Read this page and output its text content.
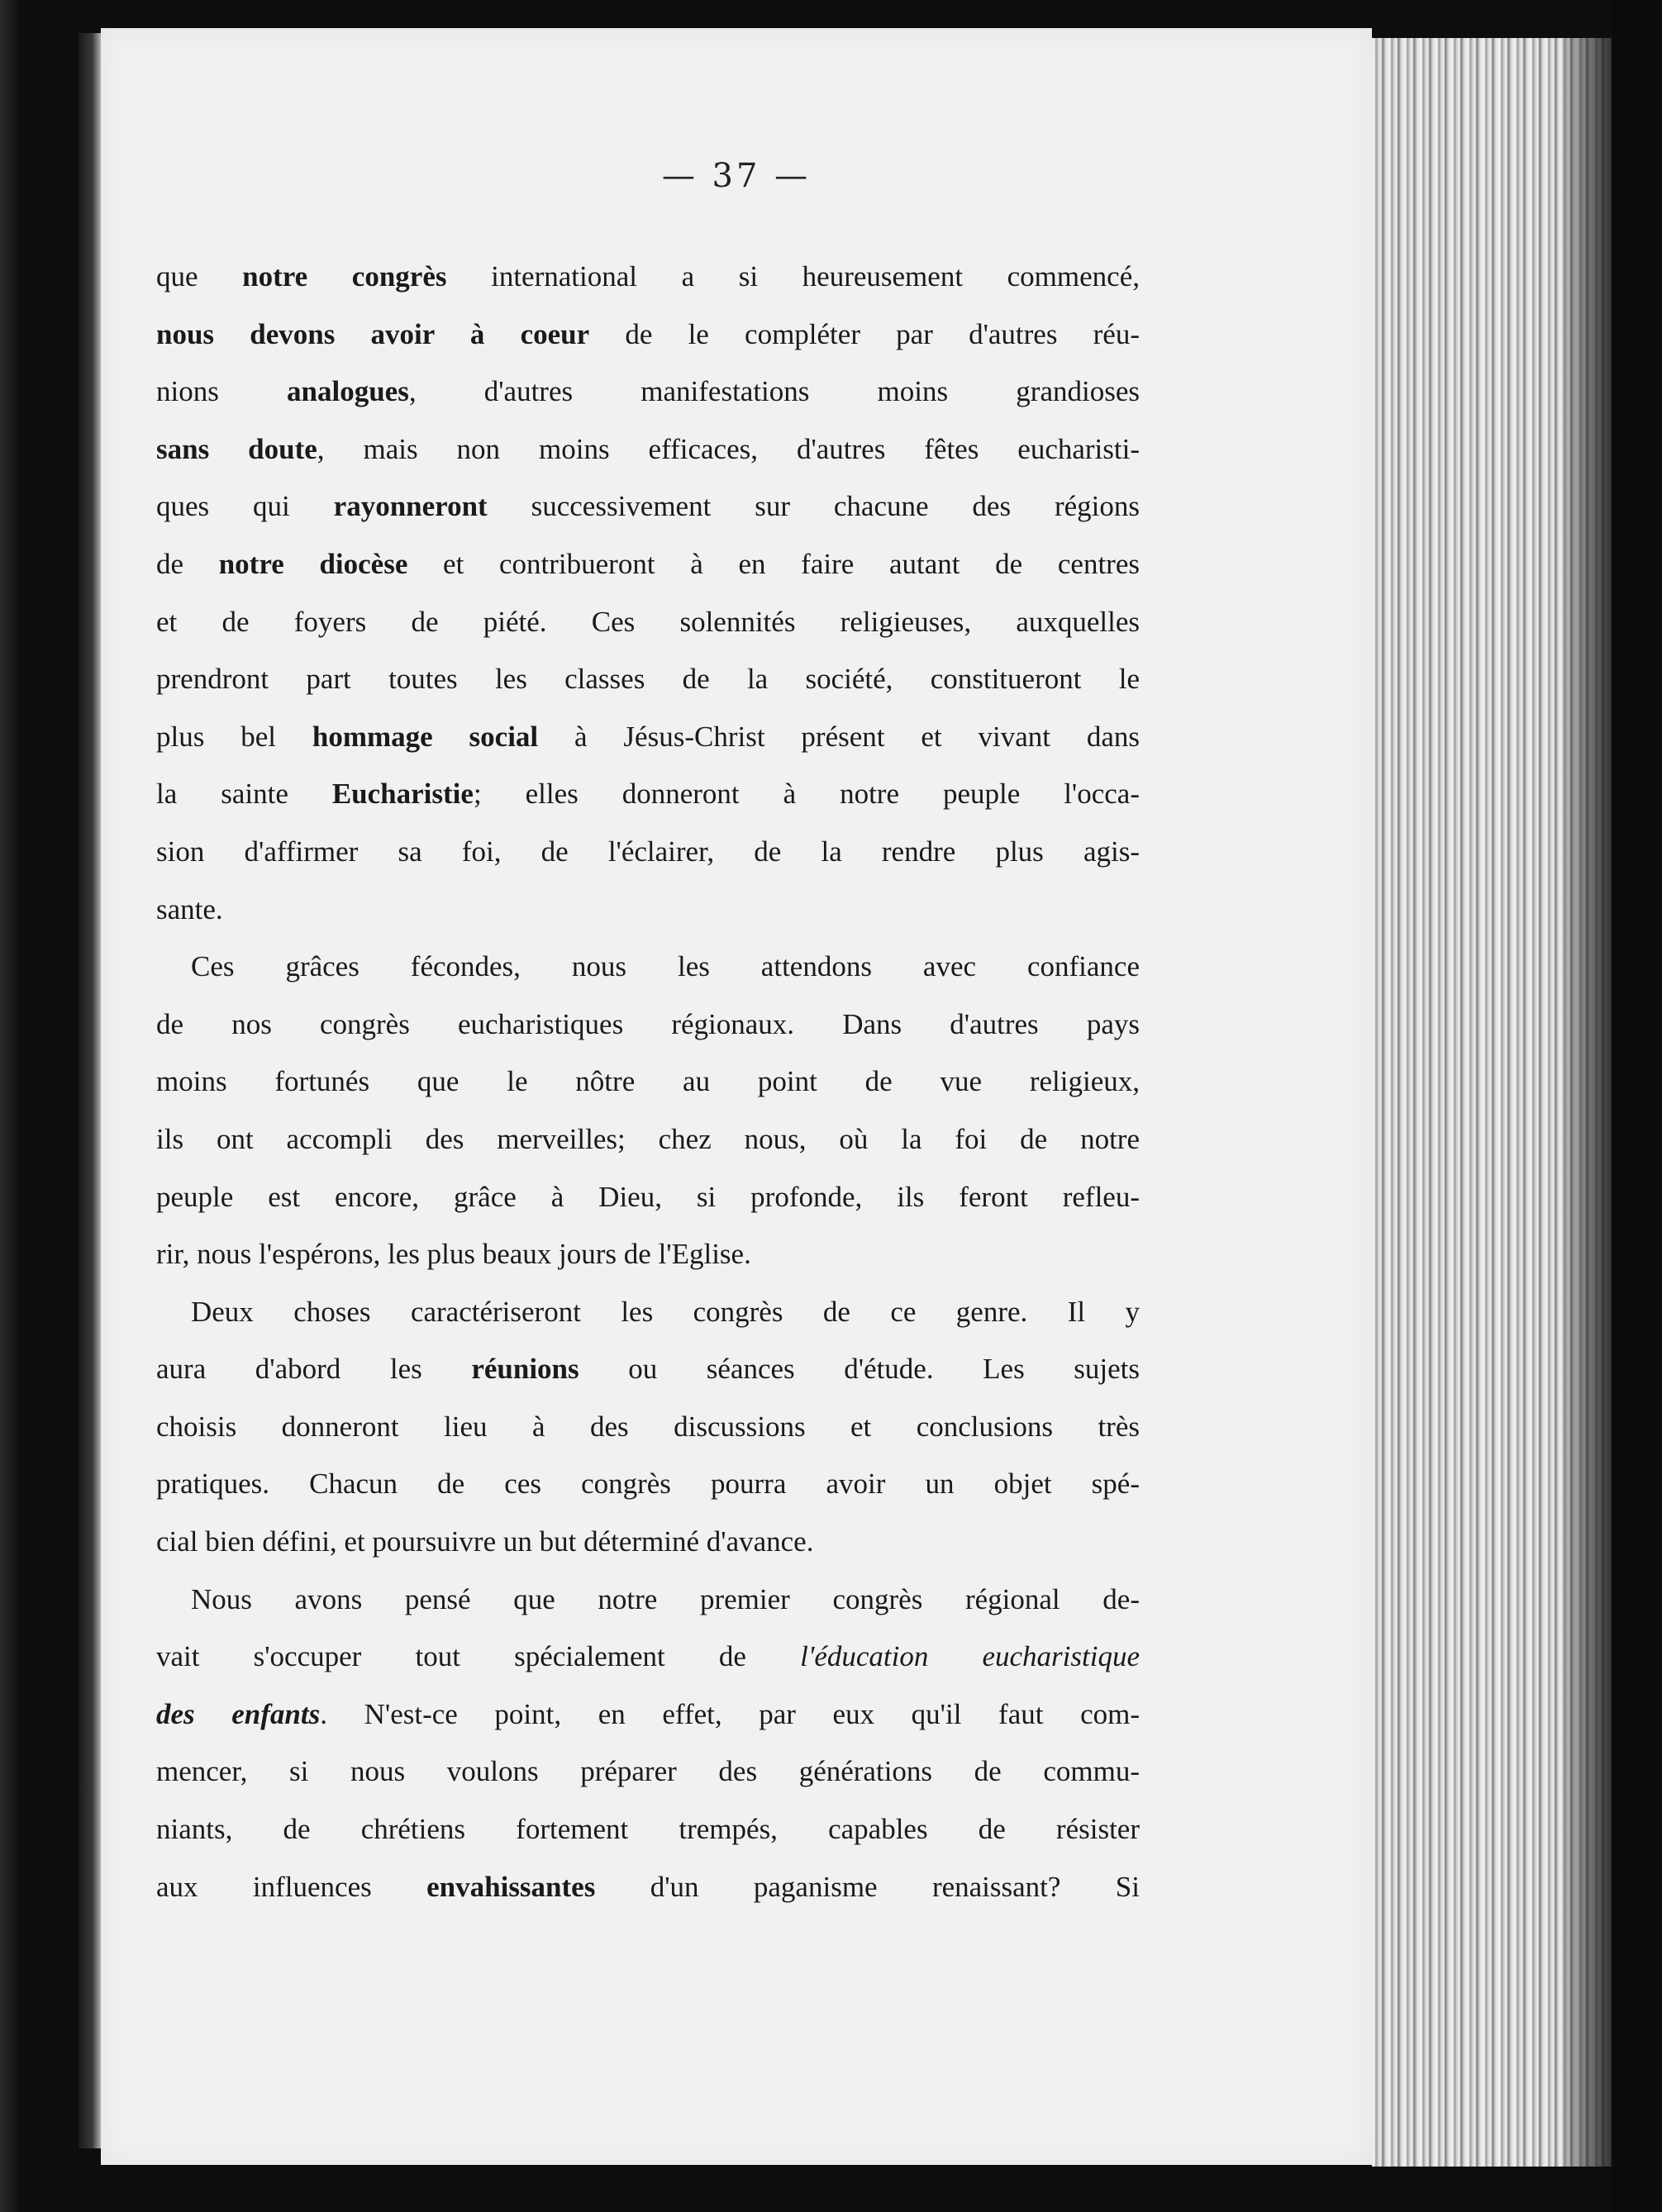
— 37 —
que notre congrès international a si heureusement commencé,
nous devons avoir à coeur de le compléter par d'autres réu-
nions analogues, d'autres manifestations moins grandioses
sans doute, mais non moins efficaces, d'autres fêtes eucharisti-
ques qui rayonneront successivement sur chacune des régions
de notre diocèse et contribueront à en faire autant de centres
et de foyers de piété. Ces solennités religieuses, auxquelles
prendront part toutes les classes de la société, constitueront le
plus bel hommage social à Jésus-Christ présent et vivant dans
la sainte Eucharistie; elles donneront à notre peuple l'occa-
sion d'affirmer sa foi, de l'éclairer, de la rendre plus agis-
sante.
Ces grâces fécondes, nous les attendons avec confiance
de nos congrès eucharistiques régionaux. Dans d'autres pays
moins fortunés que le nôtre au point de vue religieux,
ils ont accompli des merveilles; chez nous, où la foi de notre
peuple est encore, grâce à Dieu, si profonde, ils feront refleu-
rir, nous l'espérons, les plus beaux jours de l'Eglise.
Deux choses caractériseront les congrès de ce genre. Il y
aura d'abord les réunions ou séances d'étude. Les sujets
choisis donneront lieu à des discussions et conclusions très
pratiques. Chacun de ces congrès pourra avoir un objet spé-
cial bien défini, et poursuivre un but déterminé d'avance.
Nous avons pensé que notre premier congrès régional de-
vait s'occuper tout spécialement de l'éducation eucharistique
des enfants. N'est-ce point, en effet, par eux qu'il faut com-
mencer, si nous voulons préparer des générations de commu-
niants, de chrétiens fortement trempés, capables de résister
aux influences envahissantes d'un paganisme renaissant? Si
